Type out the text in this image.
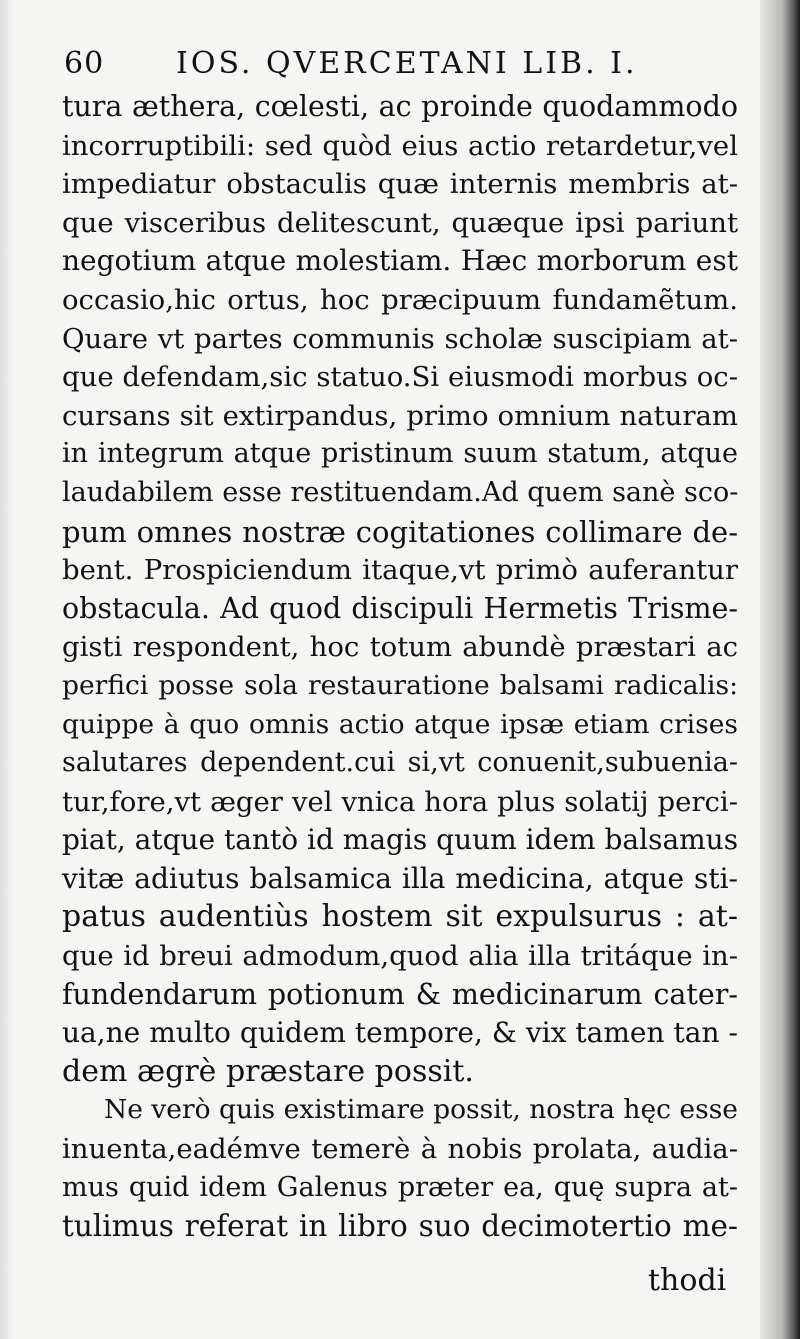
60 IOS. QVERCETANI LIB. I.
tura æthera, cœlesti, ac proinde quodammodo
incorruptibili: sed quòd eius actio retardetur,vel
impediatur obstaculis quæ internis membris at-
que visceribus delitescunt, quæque ipsi pariunt
negotium atque molestiam. Hæc morborum est
occasio,hic ortus, hoc præcipuum fundamẽtum.
Quare vt partes communis scholæ suscipiam at-
que defendam,sic statuo.Si eiusmodi morbus oc-
cursans sit extirpandus, primo omnium naturam
in integrum atque pristinum suum statum, atque
laudabilem esse restituendam.Ad quem sanè sco-
pum omnes nostræ cogitationes collimare de-
bent. Prospiciendum itaque,vt primò auferantur
obstacula. Ad quod discipuli Hermetis Trisme-
gisti respondent, hoc totum abundè præstari ac
perfici posse sola restauratione balsami radicalis:
quippe à quo omnis actio atque ipsæ etiam crises
salutares dependent.cui si,vt conuenit,subuenia-
tur,fore,vt æger vel vnica hora plus solatij perci-
piat, atque tantò id magis quum idem balsamus
vitæ adiutus balsamica illa medicina, atque sti-
patus audentiùs hostem sit expulsurus : at-
que id breui admodum,quod alia illa tritáque in-
fundendarum potionum & medicinarum cater-
ua,ne multo quidem tempore, & vix tamen tan -
dem ægrè præstare possit.
Ne verò quis existimare possit, nostra hęc esse
inuenta,eadémve temerè à nobis prolata, audia-
mus quid idem Galenus præter ea, quę supra at-
tulimus referat in libro suo decimotertio me-
thodi
